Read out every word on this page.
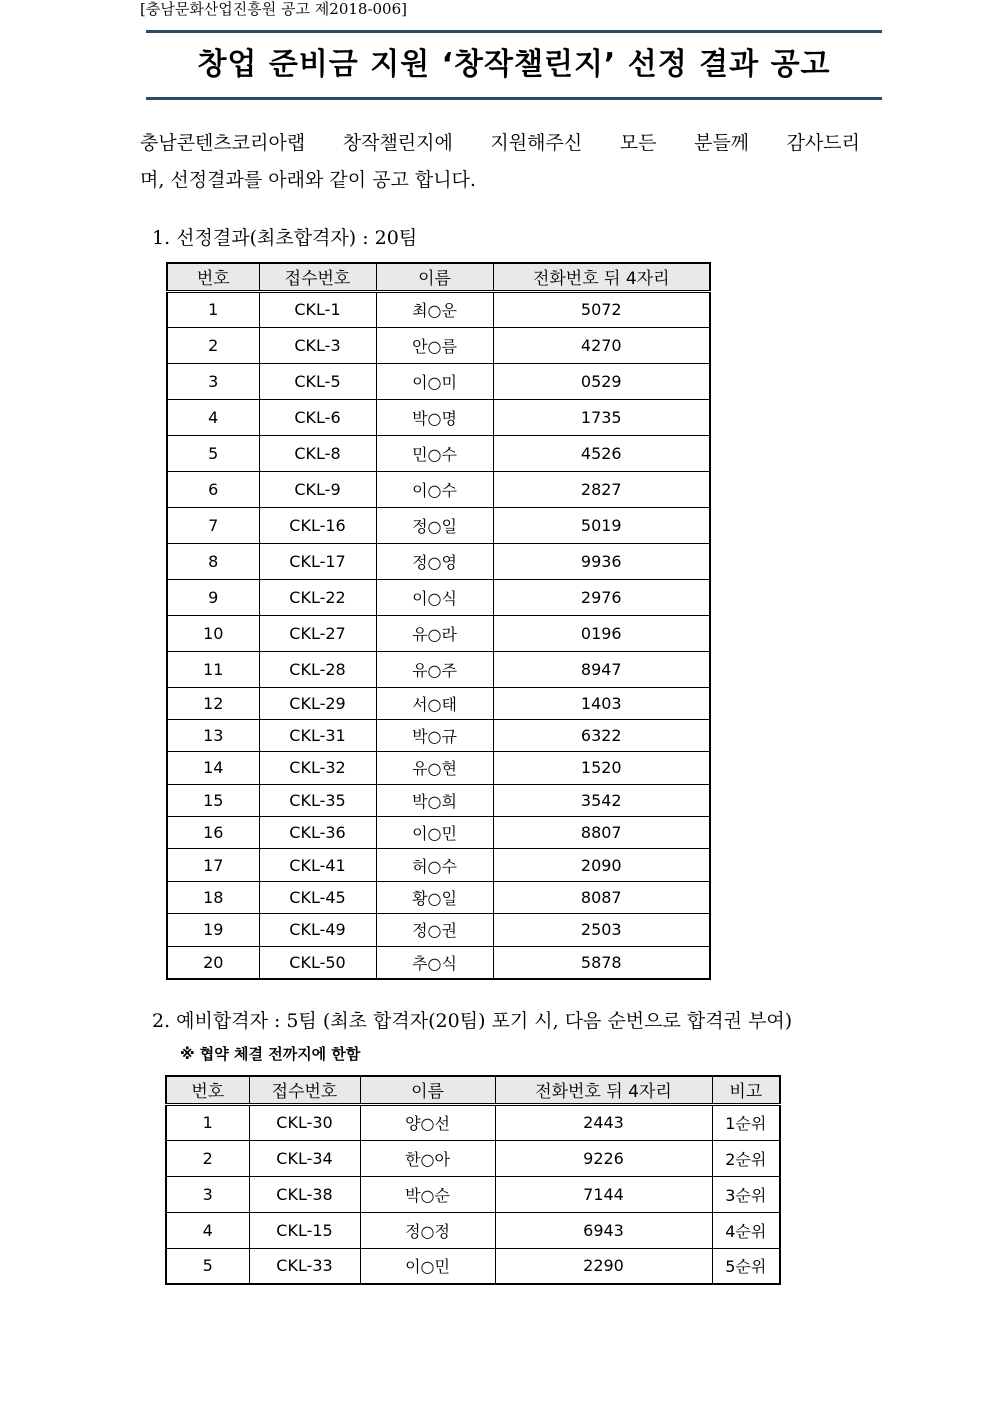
[충남문화산업진흥원 공고 제2018-006]
창업 준비금 지원 ‘창작챌린지’ 선정 결과 공고
충남콘텐츠코리아랩 창작챌린지에 지원해주신 모든 분들께 감사드리
며, 선정결과를 아래와 같이 공고 합니다.
1. 선정결과(최초합격자) : 20팀
번호	접수번호	이름	전화번호 뒤 4자리
1	CKL-1	최○운	5072
2	CKL-3	안○름	4270
3	CKL-5	이○미	0529
4	CKL-6	박○명	1735
5	CKL-8	민○수	4526
6	CKL-9	이○수	2827
7	CKL-16	정○일	5019
8	CKL-17	정○영	9936
9	CKL-22	이○식	2976
10	CKL-27	유○라	0196
11	CKL-28	유○주	8947
12	CKL-29	서○태	1403
13	CKL-31	박○규	6322
14	CKL-32	유○현	1520
15	CKL-35	박○희	3542
16	CKL-36	이○민	8807
17	CKL-41	허○수	2090
18	CKL-45	황○일	8087
19	CKL-49	정○권	2503
20	CKL-50	추○식	5878
2. 예비합격자 : 5팀 (최초 합격자(20팀) 포기 시, 다음 순번으로 합격권 부여)
※ 협약 체결 전까지에 한함
번호	접수번호	이름	전화번호 뒤 4자리	비고
1	CKL-30	양○선	2443	1순위
2	CKL-34	한○아	9226	2순위
3	CKL-38	박○순	7144	3순위
4	CKL-15	정○정	6943	4순위
5	CKL-33	이○민	2290	5순위
